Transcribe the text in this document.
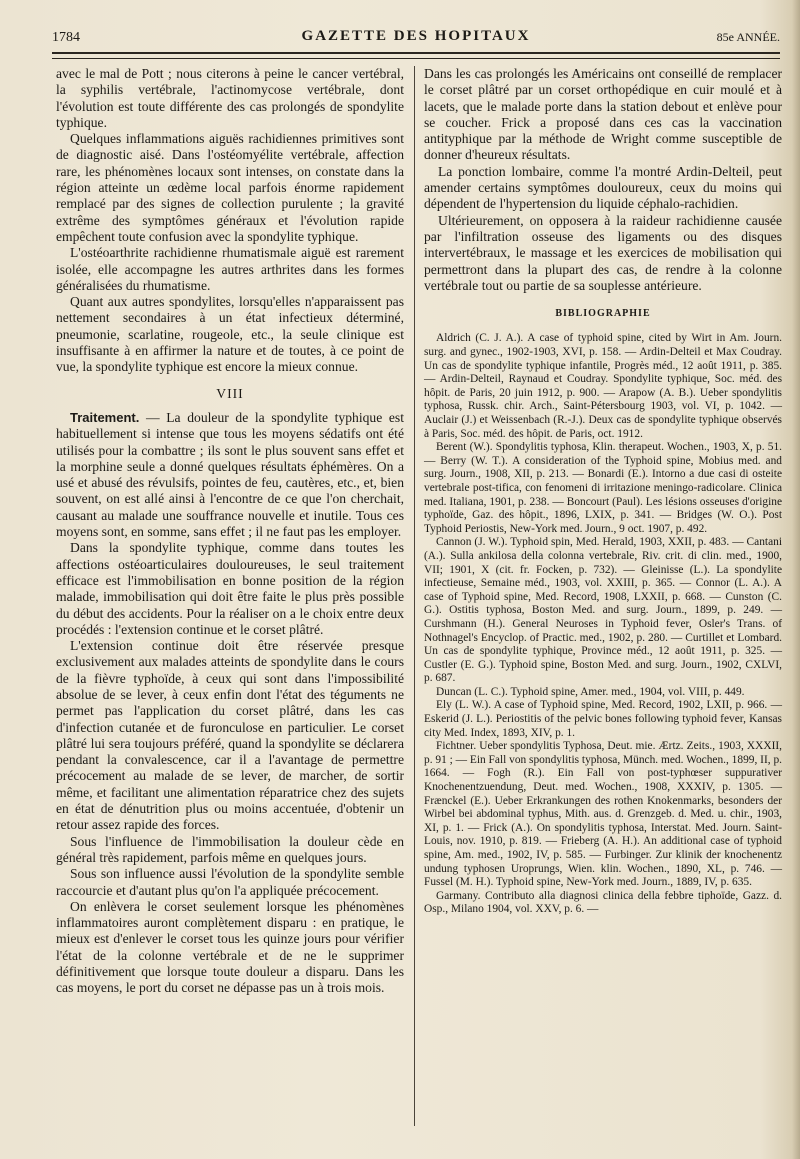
1784	GAZETTE DES HOPITAUX	85e ANNÉE.

avec le mal de Pott ; nous citerons à peine le cancer vertébral, la syphilis vertébrale, l'actinomycose vertébrale, dont l'évolution est toute différente des cas prolongés de spondylite typhique.

Quelques inflammations aiguës rachidiennes primitives sont de diagnostic aisé. Dans l'ostéomyélite vertébrale, affection rare, les phénomènes locaux sont intenses, on constate dans la région atteinte un œdème local parfois énorme rapidement remplacé par des signes de collection purulente ; la gravité extrême des symptômes généraux et l'évolution rapide empêchent toute confusion avec la spondylite typhique.

L'ostéoarthrite rachidienne rhumatismale aiguë est rarement isolée, elle accompagne les autres arthrites dans les formes généralisées du rhumatisme.

Quant aux autres spondylites, lorsqu'elles n'apparaissent pas nettement secondaires à un état infectieux déterminé, pneumonie, scarlatine, rougeole, etc., la seule clinique est insuffisante à en affirmer la nature et de toutes, à ce point de vue, la spondylite typhique est encore la mieux connue.

VIII

Traitement. — La douleur de la spondylite typhique est habituellement si intense que tous les moyens sédatifs ont été utilisés pour la combattre ; ils sont le plus souvent sans effet et la morphine seule a donné quelques résultats éphémères. On a usé et abusé des révulsifs, pointes de feu, cautères, etc., et, bien souvent, on est allé ainsi à l'encontre de ce que l'on cherchait, causant au malade une souffrance nouvelle et inutile. Tous ces moyens sont, en somme, sans effet ; il ne faut pas les employer.

Dans la spondylite typhique, comme dans toutes les affections ostéoarticulaires douloureuses, le seul traitement efficace est l'immobilisation en bonne position de la région malade, immobilisation qui doit être faite le plus près possible du début des accidents. Pour la réaliser on a le choix entre deux procédés : l'extension continue et le corset plâtré.

L'extension continue doit être réservée presque exclusivement aux malades atteints de spondylite dans le cours de la fièvre typhoïde, à ceux qui sont dans l'impossibilité absolue de se lever, à ceux enfin dont l'état des téguments ne permet pas l'application du corset plâtré, dans les cas d'infection cutanée et de furonculose en particulier. Le corset plâtré lui sera toujours préféré, quand la spondylite se déclarera pendant la convalescence, car il a l'avantage de permettre précocement au malade de se lever, de marcher, de sortir même, et facilitant une alimentation réparatrice chez des sujets en état de dénutrition plus ou moins accentuée, d'obtenir un retour assez rapide des forces.

Sous l'influence de l'immobilisation la douleur cède en général très rapidement, parfois même en quelques jours.

Sous son influence aussi l'évolution de la spondylite semble raccourcie et d'autant plus qu'on l'a appliquée précocement.

On enlèvera le corset seulement lorsque les phénomènes inflammatoires auront complètement disparu : en pratique, le mieux est d'enlever le corset tous les quinze jours pour vérifier l'état de la colonne vertébrale et de ne le supprimer définitivement que lorsque toute douleur a disparu. Dans les cas moyens, le port du corset ne dépasse pas un à trois mois.

Dans les cas prolongés les Américains ont conseillé de remplacer le corset plâtré par un corset orthopédique en cuir moulé et à lacets, que le malade porte dans la station debout et enlève pour se coucher. Frick a proposé dans ces cas la vaccination antityphique par la méthode de Wright comme susceptible de donner d'heureux résultats.

La ponction lombaire, comme l'a montré Ardin-Delteil, peut amender certains symptômes douloureux, ceux du moins qui dépendent de l'hypertension du liquide céphalo-rachidien.

Ultérieurement, on opposera à la raideur rachidienne causée par l'infiltration osseuse des ligaments ou des disques intervertébraux, le massage et les exercices de mobilisation qui permettront dans la plupart des cas, de rendre à la colonne vertébrale tout ou partie de sa souplesse antérieure.

BIBLIOGRAPHIE

Aldrich (C. J. A.). A case of typhoid spine, cited by Wirt in Am. Journ. surg. and gynec., 1902-1903, XVI, p. 158. — Ardin-Delteil et Max Coudray. Un cas de spondylite typhique infantile, Progrès méd., 12 août 1911, p. 385. — Ardin-Delteil, Raynaud et Coudray. Spondylite typhique, Soc. méd. des hôpit. de Paris, 20 juin 1912, p. 900. — Arapow (A. B.). Ueber spondylitis typhosa, Russk. chir. Arch., Saint-Pétersbourg 1903, vol. VI, p. 1042. — Auclair (J.) et Weissenbach (R.-J.). Deux cas de spondylite typhique observés à Paris, Soc. méd. des hôpit. de Paris, oct. 1912.

Berent (W.). Spondylitis typhosa, Klin. therapeut. Wochen., 1903, X, p. 51. — Berry (W. T.). A consideration of the Typhoid spine, Mobius med. and surg. Journ., 1908, XII, p. 213. — Bonardi (E.). Intorno a due casi di osteite vertebrale post-tifica, con fenomeni di irritazione meningo-radicolare. Clinica med. Italiana, 1901, p. 238. — Boncourt (Paul). Les lésions osseuses d'origine typhoïde, Gaz. des hôpit., 1896, LXIX, p. 341. — Bridges (W. O.). Post Typhoid Periostis, New-York med. Journ., 9 oct. 1907, p. 492.

Cannon (J. W.). Typhoid spin, Med. Herald, 1903, XXII, p. 483. — Cantani (A.). Sulla ankilosa della colonna vertebrale, Riv. crit. di clin. med., 1900, VII; 1901, X (cit. fr. Focken, p. 732). — Gleinisse (L.). La spondylite infectieuse, Semaine méd., 1903, vol. XXIII, p. 365. — Connor (L. A.). A case of Typhoid spine, Med. Record, 1908, LXXII, p. 668. — Cunston (C. G.). Ostitis typhosa, Boston Med. and surg. Journ., 1899, p. 249. — Curshmann (H.). General Neuroses in Typhoid fever, Osler's Trans. of Nothnagel's Encyclop. of Practic. med., 1902, p. 280. — Curtillet et Lombard. Un cas de spondylite typhique, Province méd., 12 août 1911, p. 325. — Custler (E. G.). Typhoid spine, Boston Med. and surg. Journ., 1902, CXLVI, p. 687.

Duncan (L. C.). Typhoid spine, Amer. med., 1904, vol. VIII, p. 449.

Ely (L. W.). A case of Typhoid spine, Med. Record, 1902, LXII, p. 966. — Eskerid (J. L.). Periostitis of the pelvic bones following typhoid fever, Kansas city Med. Index, 1893, XIV, p. 1.

Fichtner. Ueber spondylitis Typhosa, Deut. mie. Ærtz. Zeits., 1903, XXXII, p. 91 ; — Ein Fall von spondylitis typhosa, Münch. med. Wochen., 1899, II, p. 1664. — Fogh (R.). Ein Fall von post-typhœser suppurativer Knochenentzuendung, Deut. med. Wochen., 1908, XXXIV, p. 1305. — Frænckel (E.). Ueber Erkrankungen des rothen Knokenmarks, besonders der Wirbel bei abdominal typhus, Mith. aus. d. Grenzgeb. d. Med. u. chir., 1903, XI, p. 1. — Frick (A.). On spondylitis typhosa, Interstat. Med. Journ. Saint-Louis, nov. 1910, p. 819. — Frieberg (A. H.). An additional case of typhoid spine, Am. med., 1902, IV, p. 585. — Furbinger. Zur klinik der knochenentz undung typhosen Uroprungs, Wien. klin. Wochen., 1890, XL, p. 746. — Fussel (M. H.). Typhoid spine, New-York med. Journ., 1889, IV, p. 635.

Garmany. Contributo alla diagnosi clinica della febbre tiphoïde, Gazz. d. Osp., Milano 1904, vol. XXV, p. 6. —
